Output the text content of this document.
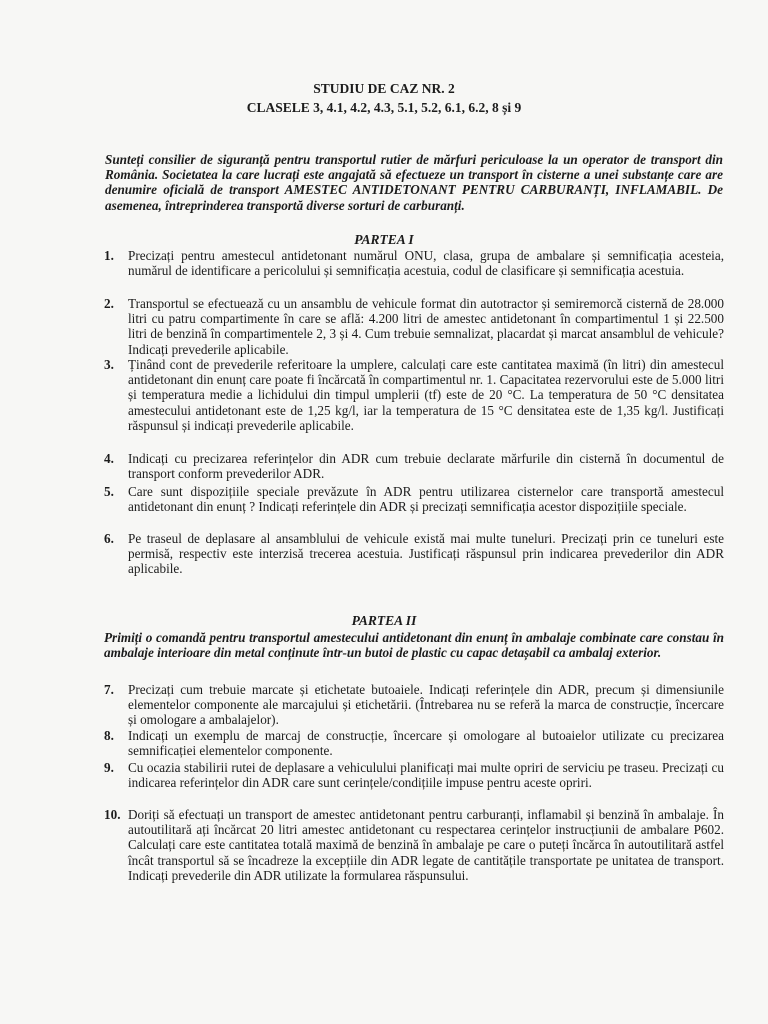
STUDIU DE CAZ NR. 2
CLASELE 3, 4.1, 4.2, 4.3, 5.1, 5.2, 6.1, 6.2, 8 și 9
Sunteți consilier de siguranță pentru transportul rutier de mărfuri periculoase la un operator de transport din România. Societatea la care lucrați este angajată să efectueze un transport în cisterne a unei substanțe care are denumire oficială de transport AMESTEC ANTIDETONANT PENTRU CARBURANȚI, INFLAMABIL. De asemenea, întreprinderea transportă diverse sorturi de carburanți.
PARTEA I
1. Precizați pentru amestecul antidetonant numărul ONU, clasa, grupa de ambalare și semnificația acesteia, numărul de identificare a pericolului și semnificația acestuia, codul de clasificare și semnificația acestuia.
2. Transportul se efectuează cu un ansamblu de vehicule format din autotractor și semiremorcă cisternă de 28.000 litri cu patru compartimente în care se află: 4.200 litri de amestec antidetonant în compartimentul 1 și 22.500 litri de benzină în compartimentele 2, 3 și 4. Cum trebuie semnalizat, placardat și marcat ansamblul de vehicule? Indicați prevederile aplicabile.
3. Ținând cont de prevederile referitoare la umplere, calculați care este cantitatea maximă (în litri) din amestecul antidetonant din enunț care poate fi încărcată în compartimentul nr. 1. Capacitatea rezervorului este de 5.000 litri și temperatura medie a lichidului din timpul umplerii (tf) este de 20 °C. La temperatura de 50 °C densitatea amestecului antidetonant este de 1,25 kg/l, iar la temperatura de 15 °C densitatea este de 1,35 kg/l. Justificați răspunsul și indicați prevederile aplicabile.
4. Indicați cu precizarea referințelor din ADR cum trebuie declarate mărfurile din cisternă în documentul de transport conform prevederilor ADR.
5. Care sunt dispozițiile speciale prevăzute în ADR pentru utilizarea cisternelor care transportă amestecul antidetonant din enunț ? Indicați referințele din ADR și precizați semnificația acestor dispozițiile speciale.
6. Pe traseul de deplasare al ansamblului de vehicule există mai multe tuneluri. Precizați prin ce tuneluri este permisă, respectiv este interzisă trecerea acestuia. Justificați răspunsul prin indicarea prevederilor din ADR aplicabile.
PARTEA II
Primiți o comandă pentru transportul amestecului antidetonant din enunț în ambalaje combinate care constau în ambalaje interioare din metal conținute într-un butoi de plastic cu capac detașabil ca ambalaj exterior.
7. Precizați cum trebuie marcate și etichetate butoaiele. Indicați referințele din ADR, precum și dimensiunile elementelor componente ale marcajului și etichetării. (Întrebarea nu se referă la marca de construcție, încercare și omologare a ambalajelor).
8. Indicați un exemplu de marcaj de construcție, încercare și omologare al butoaielor utilizate cu precizarea semnificației elementelor componente.
9. Cu ocazia stabilirii rutei de deplasare a vehiculului planificați mai multe opriri de serviciu pe traseu. Precizați cu indicarea referințelor din ADR care sunt cerințele/condițiile impuse pentru aceste opriri.
10. Doriți să efectuați un transport de amestec antidetonant pentru carburanți, inflamabil și benzină în ambalaje. În autoutilitară ați încărcat 20 litri amestec antidetonant cu respectarea cerințelor instrucțiunii de ambalare P602. Calculați care este cantitatea totală maximă de benzină în ambalaje pe care o puteți încărca în autoutilitară astfel încât transportul să se încadreze la excepțiile din ADR legate de cantitățile transportate pe unitatea de transport. Indicați prevederile din ADR utilizate la formularea răspunsului.
